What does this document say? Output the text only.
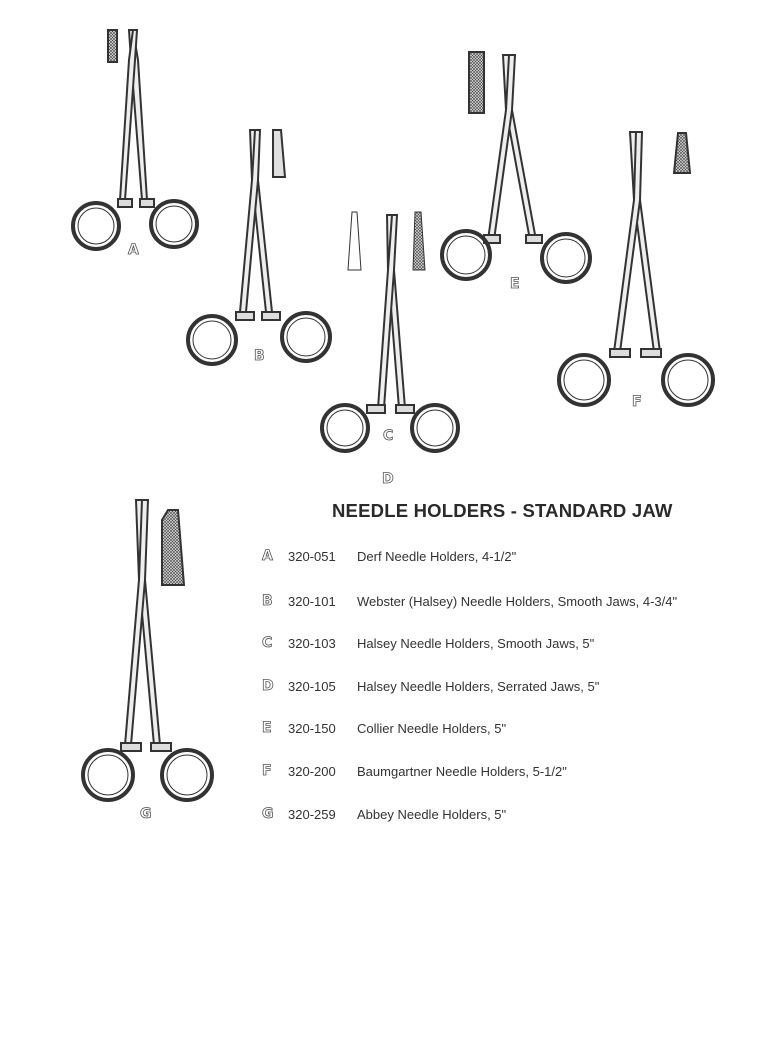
A
B
C
D
E
F
G
NEEDLE HOLDERS - STANDARD JAW
A 320-051 Derf Needle Holders, 4-1/2"
B 320-101 Webster (Halsey) Needle Holders, Smooth Jaws, 4-3/4"
C 320-103 Halsey Needle Holders, Smooth Jaws, 5"
D 320-105 Halsey Needle Holders, Serrated Jaws, 5"
E 320-150 Collier Needle Holders, 5"
F 320-200 Baumgartner Needle Holders, 5-1/2"
G 320-259 Abbey Needle Holders, 5"
